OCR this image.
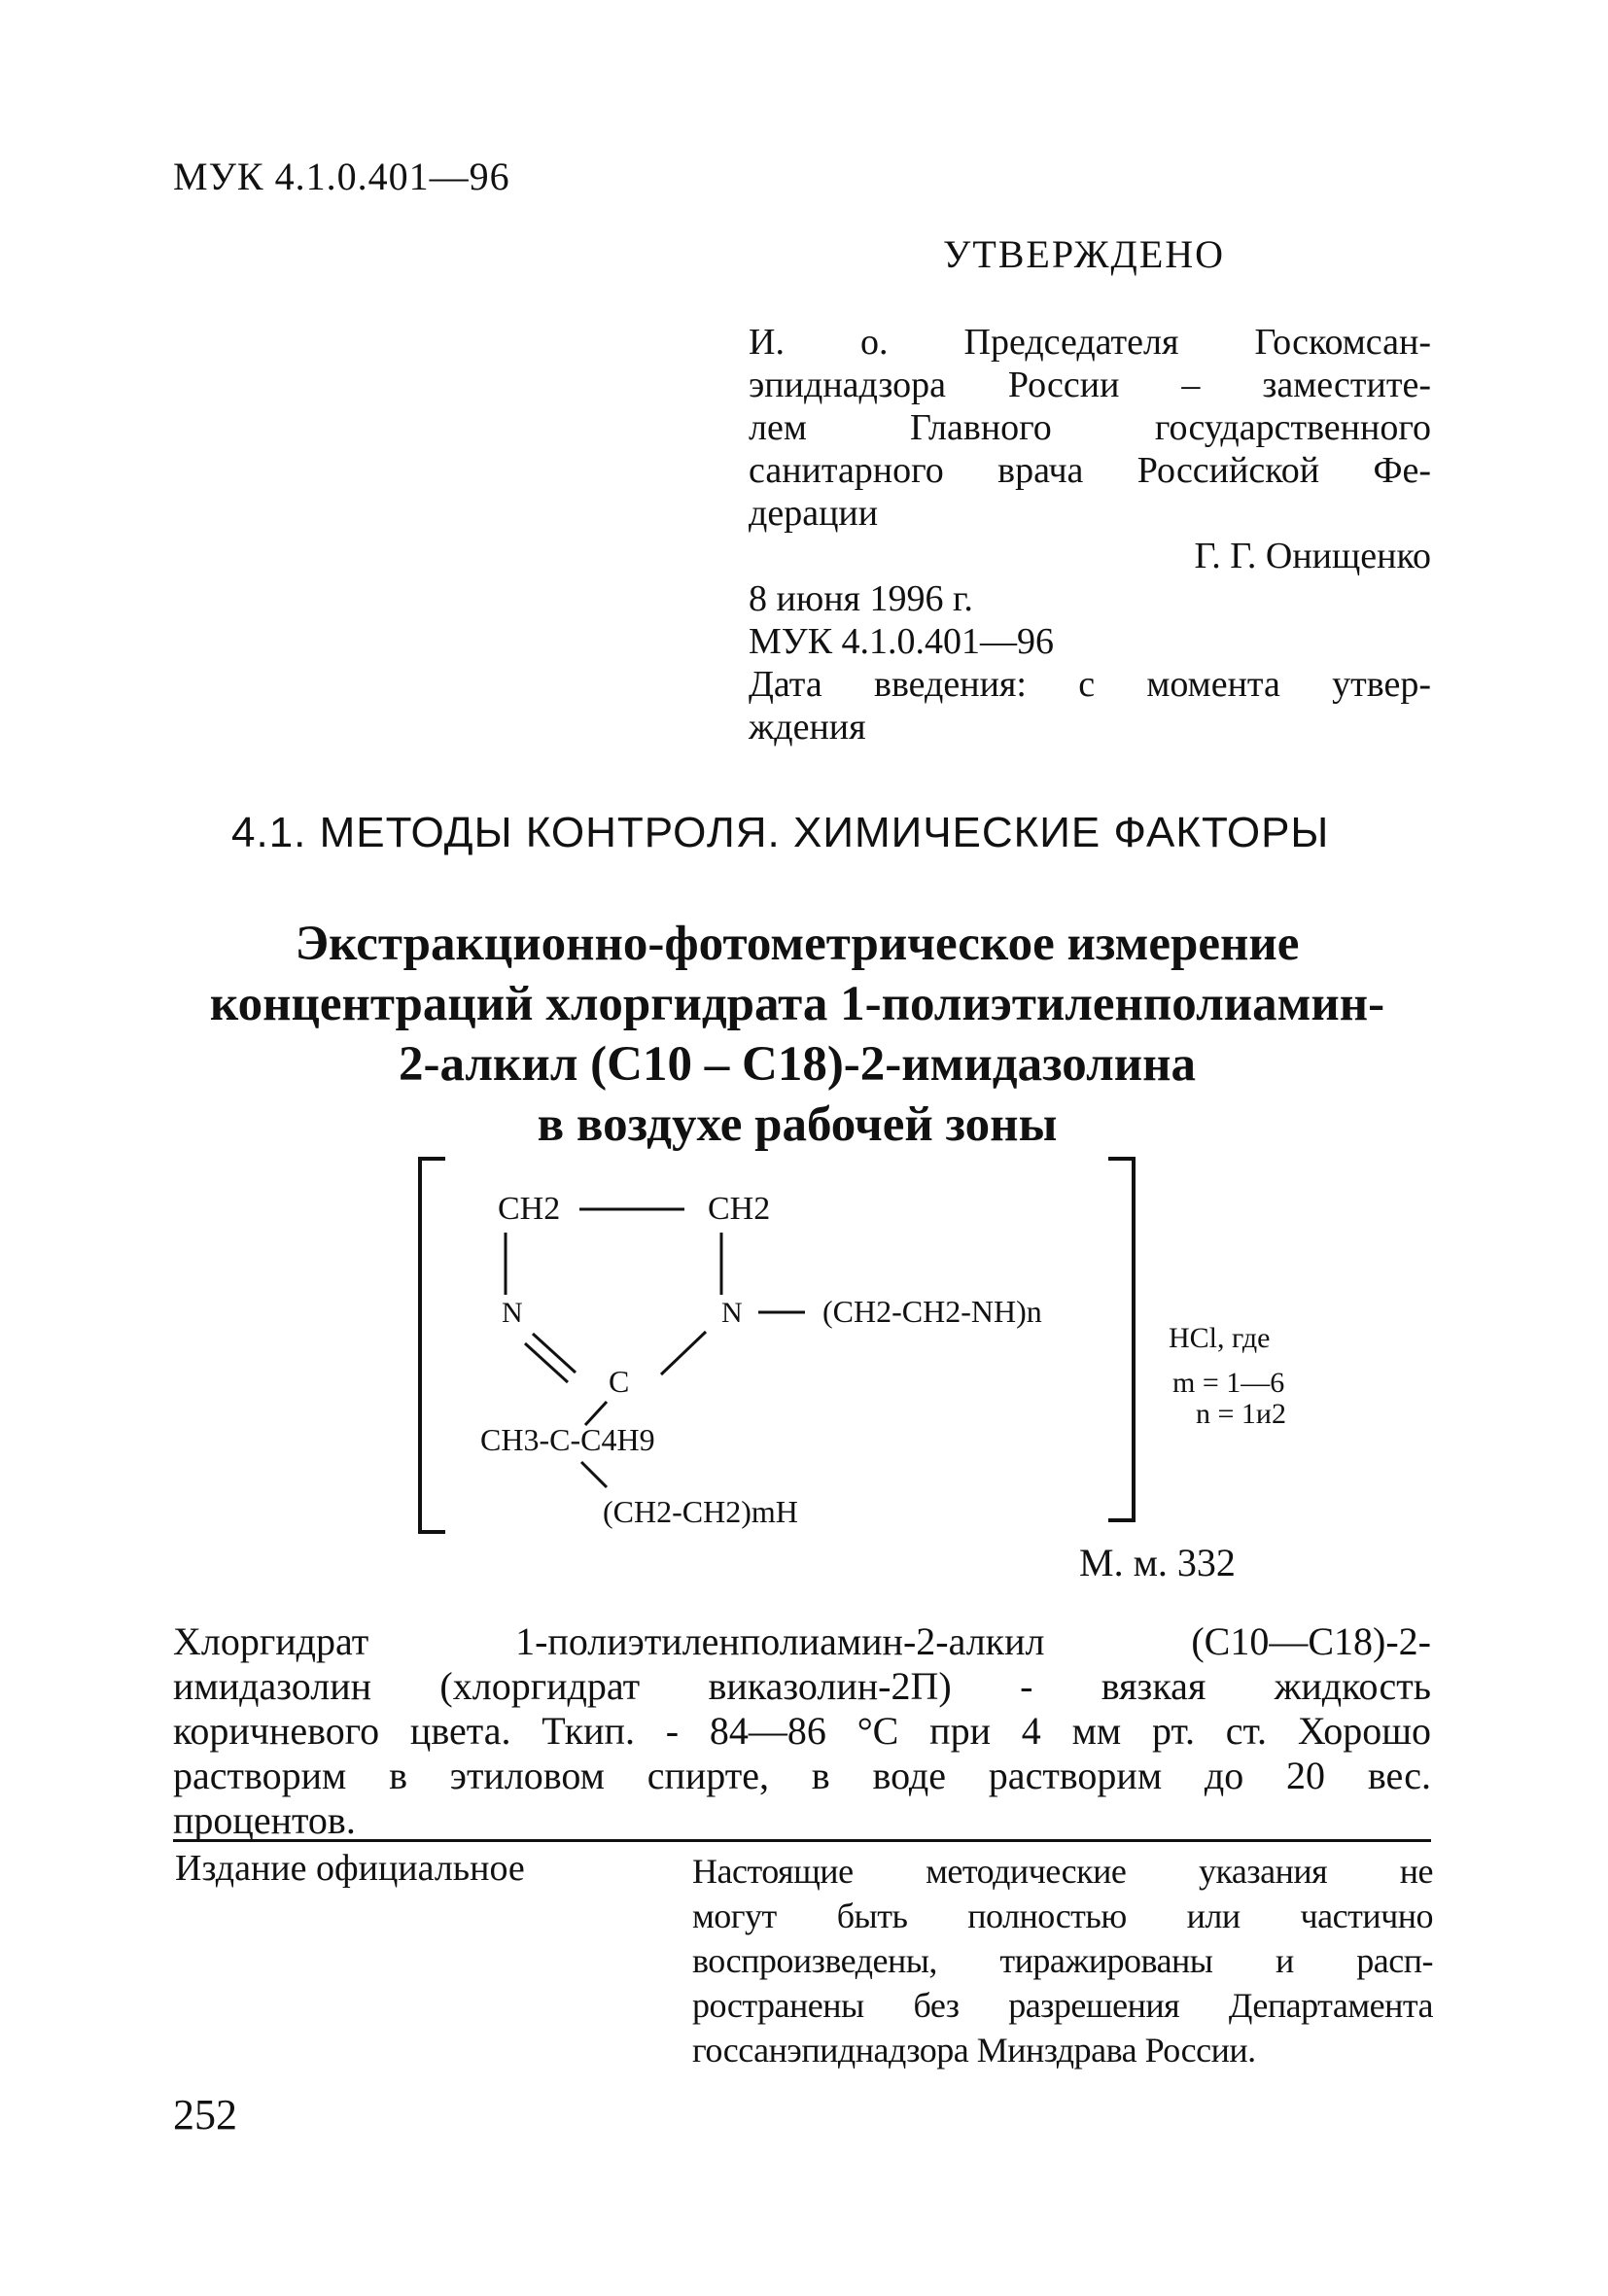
МУК 4.1.0.401—96
УТВЕРЖДЕНО
И. о. Председателя Госкомсан-
эпиднадзора России – заместите-
лем Главного государственного
санитарного врача Российской Фе-
дерации
Г. Г. Онищенко
8 июня 1996 г.
МУК 4.1.0.401—96
Дата введения: с момента утвер-
ждения
4.1. МЕТОДЫ КОНТРОЛЯ. ХИМИЧЕСКИЕ ФАКТОРЫ
Экстракционно-фотометрическое измерение
концентраций хлоргидрата 1-полиэтиленполиамин-
2-алкил (С10 – С18)-2-имидазолина
в воздухе рабочей зоны
CH2	CH2
N	N	(CH2-CH2-NH)n
C
CH3-C-C4H9
(CH2-CH2)mH
HCl, где
m = 1—6
n = 1и2
М. м. 332
Хлоргидрат 1-полиэтиленполиамин-2-алкил (С10—С18)-2-
имидазолин (хлоргидрат виказолин-2П) - вязкая жидкость
коричневого цвета. Ткип. - 84—86 °С при 4 мм рт. ст. Хорошо
растворим в этиловом спирте, в воде растворим до 20 вес.
процентов.
Издание официальное	Настоящие методические указания не
могут быть полностью или частично
воспроизведены, тиражированы и расп-
ространены без разрешения Департамента
госсанэпиднадзора Минздрава России.
252
